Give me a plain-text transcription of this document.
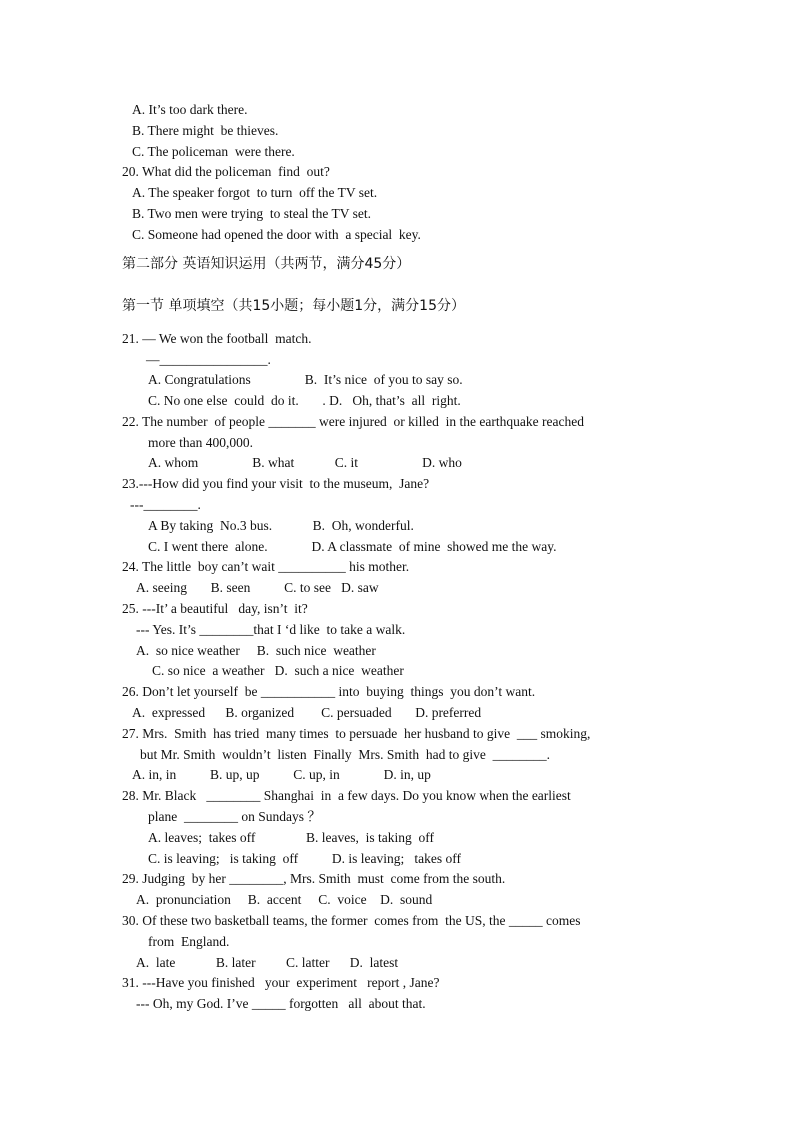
A. It’s too dark there.
B. There might  be thieves.
C. The policeman  were there.
20. What did the policeman  find  out?
A. The speaker forgot  to turn  off the TV set.
B. Two men were trying  to steal the TV set.
C. Someone had opened the door with  a special  key.
第二部分 英语知识运用（共两节，满分45分）
第一节 单项填空（共15小题；每小题1分，满分15分）
21. — We won the football  match.
—________________.
A. Congratulations                B.  It’s nice  of you to say so.
C. No one else  could  do it.       . D.   Oh, that’s  all  right.
22. The number  of people _______ were injured  or killed  in the earthquake reached
more than 400,000.
A. whom                B. what            C. it                   D. who
23.---How did you find your visit  to the museum,  Jane?
---________.
A By taking  No.3 bus.            B.  Oh, wonderful.
C. I went there  alone.             D. A classmate  of mine  showed me the way.
24. The little  boy can’t wait __________ his mother.
A. seeing       B. seen          C. to see   D. saw
25. ---It’ a beautiful   day, isn’t  it?
--- Yes. It’s ________that I ‘d like  to take a walk.
A.  so nice weather     B.  such nice  weather
C. so nice  a weather   D.  such a nice  weather
26. Don’t let yourself  be ___________ into  buying  things  you don’t want.
A.  expressed      B. organized        C. persuaded       D. preferred
27. Mrs.  Smith  has tried  many times  to persuade  her husband to give  ___ smoking,
but Mr. Smith  wouldn’t  listen  Finally  Mrs. Smith  had to give  ________.
A. in, in          B. up, up          C. up, in             D. in, up
28. Mr. Black   ________ Shanghai  in  a few days. Do you know when the earliest
plane  ________ on Sundays ？
A. leaves;  takes off               B. leaves,  is taking  off
C. is leaving;   is taking  off          D. is leaving;   takes off
29. Judging  by her ________, Mrs. Smith  must  come from the south.
A.  pronunciation     B.  accent     C.  voice    D.  sound
30. Of these two basketball teams, the former  comes from  the US, the _____ comes
from  England.
A.  late            B. later         C. latter      D.  latest
31. ---Have you finished   your  experiment   report , Jane?
--- Oh, my God. I’ve _____ forgotten   all  about that.
